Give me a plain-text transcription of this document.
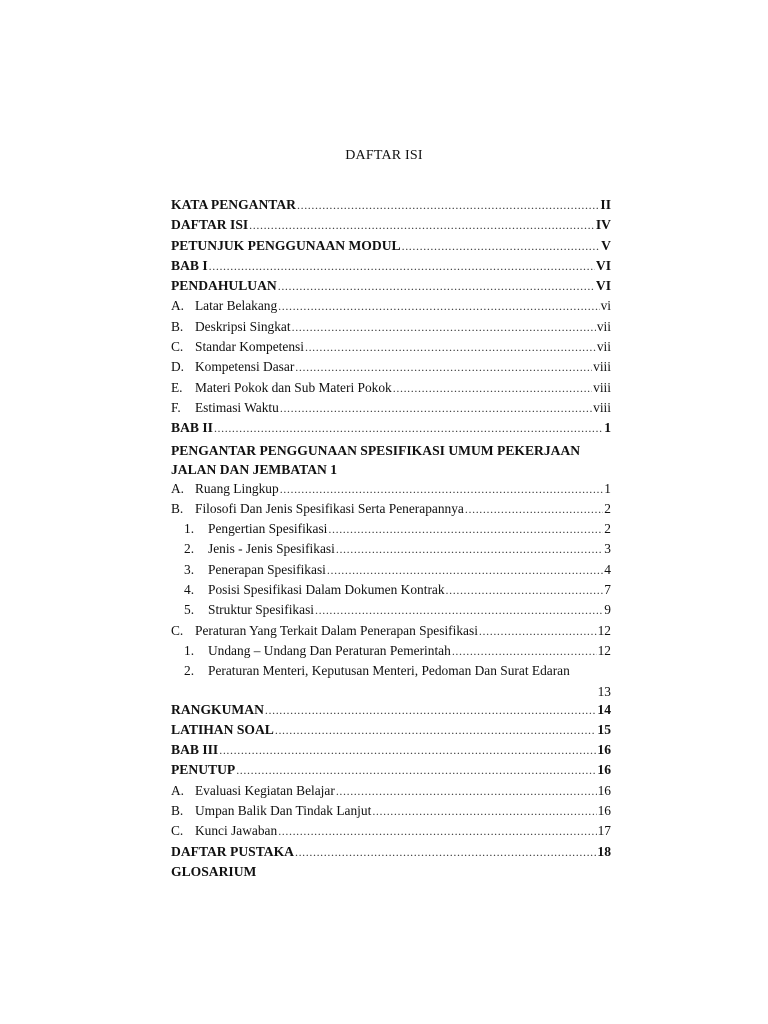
DAFTAR ISI
KATA PENGANTAR .....	II
DAFTAR ISI .....	IV
PETUNJUK PENGGUNAAN MODUL .....	V
BAB I .....	VI
PENDAHULUAN .....	VI
A. Latar Belakang .....	vi
B. Deskripsi Singkat .....	vii
C. Standar Kompetensi .....	vii
D. Kompetensi Dasar .....	viii
E. Materi Pokok dan Sub Materi Pokok .....	viii
F.	Estimasi Waktu .....	viii
BAB II .....	1
PENGANTAR PENGGUNAAN SPESIFIKASI UMUM PEKERJAAN JALAN DAN JEMBATAN 1
A. Ruang Lingkup .....	1
B. Filosofi Dan Jenis Spesifikasi Serta Penerapannya .....	2
1.	Pengertian Spesifikasi .....	2
2.	Jenis - Jenis Spesifikasi .....	3
3.	Penerapan Spesifikasi .....	4
4.	Posisi Spesifikasi Dalam Dokumen Kontrak .....	7
5.	Struktur Spesifikasi .....	9
C. Peraturan Yang Terkait Dalam Penerapan Spesifikasi .....	12
1.	Undang – Undang Dan Peraturan Pemerintah .....	12
2.	Peraturan Menteri, Keputusan Menteri, Pedoman Dan Surat Edaran
13
RANGKUMAN .....	14
LATIHAN SOAL .....	15
BAB III .....	16
PENUTUP .....	16
A. Evaluasi Kegiatan Belajar .....	16
B. Umpan Balik Dan Tindak Lanjut .....	16
C. Kunci Jawaban .....	17
DAFTAR PUSTAKA .....	18
GLOSARIUM
